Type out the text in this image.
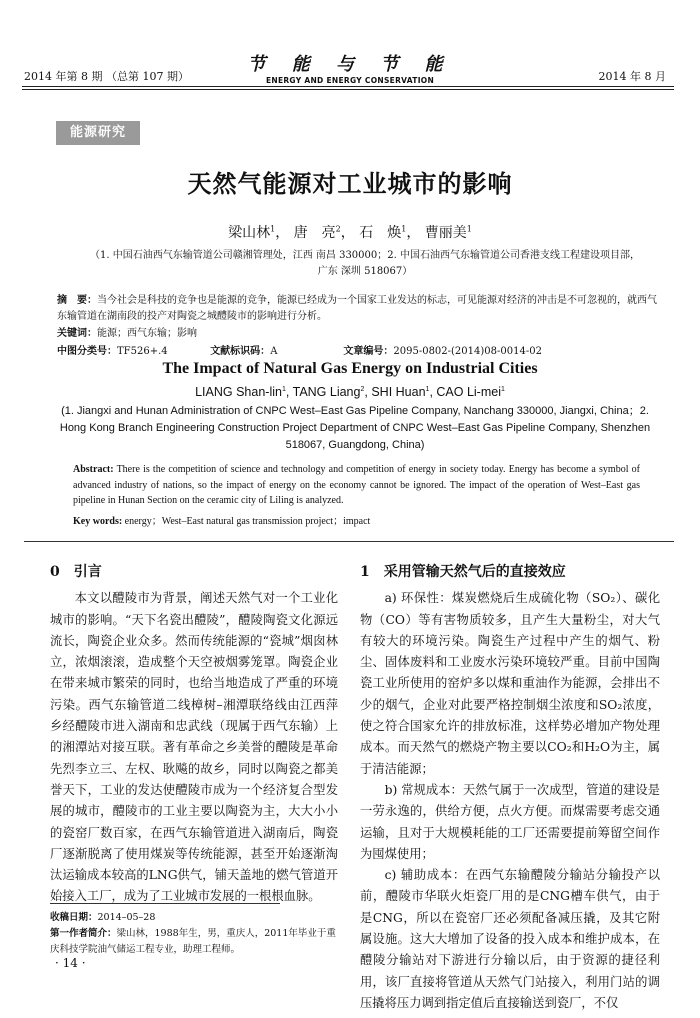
2014 年第 8 期 （总第 107 期）
节 能 与 节 能
ENERGY AND ENERGY CONSERVATION	2014 年 8 月
能源研究
天然气能源对工业城市的影响
梁山林$^1$， 唐　亮$^2$， 石　焕$^1$， 曹丽美$^1$
（1. 中国石油西气东输管道公司赣湘管理处，江西 南昌 330000；2. 中国石油西气东输管道公司香港支线工程建设项目部，
广东 深圳 518067）
摘　要：当今社会是科技的竞争也是能源的竞争，能源已经成为一个国家工业发达的标志，可见能源对经济的冲击是不可忽视的，就西气东输管道在湖南段的投产对陶瓷之城醴陵市的影响进行分析。
关键词：能源；西气东输；影响
中图分类号：TF526+.4	文献标识码：A	文章编号：2095-0802-(2014)08-0014-02
The Impact of Natural Gas Energy on Industrial Cities
LIANG Shan-lin$^1$, TANG Liang$^2$, SHI Huan$^1$, CAO Li-mei$^1$
(1. Jiangxi and Hunan Administration of CNPC West–East Gas Pipeline Company, Nanchang 330000, Jiangxi, China；2. Hong Kong Branch Engineering Construction Project Department of CNPC West–East Gas Pipeline Company, Shenzhen 518067, Guangdong, China)
Abstract: There is the competition of science and technology and competition of energy in society today. Energy has become a symbol of advanced industry of nations, so the impact of energy on the economy cannot be ignored. The impact of the operation of West–East gas pipeline in Hunan Section on the ceramic city of Liling is analyzed.
Key words: energy；West–East natural gas transmission project；impact
0 引言

本文以醴陵市为背景，阐述天然气对一个工业化城市的影响。“天下名瓷出醴陵”，醴陵陶瓷文化源远流长，陶瓷企业众多。然而传统能源的“瓷城”烟囱林立，浓烟滚滚，造成整个天空被烟雾笼罩。陶瓷企业在带来城市繁荣的同时，也给当地造成了严重的环境污染。西气东输管道二线樟树–湘潭联络线由江西萍乡经醴陵市进入湖南和忠武线（现属于西气东输）上的湘潭站对接互联。著有革命之乡美誉的醴陵是革命先烈李立三、左权、耿飚的故乡，同时以陶瓷之都美誉天下，工业的发达使醴陵市成为一个经济复合型发展的城市，醴陵市的工业主要以陶瓷为主，大大小小的瓷窑厂数百家，在西气东输管道进入湖南后，陶瓷厂逐渐脱离了使用煤炭等传统能源，甚至开始逐渐淘汰运输成本较高的LNG供气，铺天盖地的燃气管道开始接入工厂，成为了工业城市发展的一根根血脉。

1 采用管输天然气后的直接效应

a) 环保性：煤炭燃烧后生成硫化物（SO₂）、碳化物（CO）等有害物质较多，且产生大量粉尘，对大气有较大的环境污染。陶瓷生产过程中产生的烟气、粉尘、固体废料和工业废水污染环境较严重。目前中国陶瓷工业所使用的窑炉多以煤和重油作为能源，会排出不少的烟气，企业对此要严格控制烟尘浓度和SO₂浓度，使之符合国家允许的排放标准，这样势必增加产物处理成本。而天然气的燃烧产物主要以CO₂和H₂O为主，属于清洁能源；

b) 常规成本：天然气属于一次成型，管道的建设是一劳永逸的，供给方便，点火方便。而煤需要考虑交通运输，且对于大规模耗能的工厂还需要提前筹留空间作为囤煤使用；

c) 辅助成本：在西气东输醴陵分输站分输投产以前，醴陵市华联火炬瓷厂用的是CNG槽车供气，由于是CNG，所以在瓷窑厂还必须配备减压撬，及其它附属设施。这大大增加了设备的投入成本和维护成本，在醴陵分输站对下游进行分输以后，由于资源的捷径利用，该厂直接将管道从天然气门站接入，利用门站的调压撬将压力调到指定值后直接输送到瓷厂，不仅

收稿日期：2014–05–28
第一作者简介：梁山林，1988年生，男，重庆人，2011年毕业于重庆科技学院油气储运工程专业，助理工程师。
· 14 ·
